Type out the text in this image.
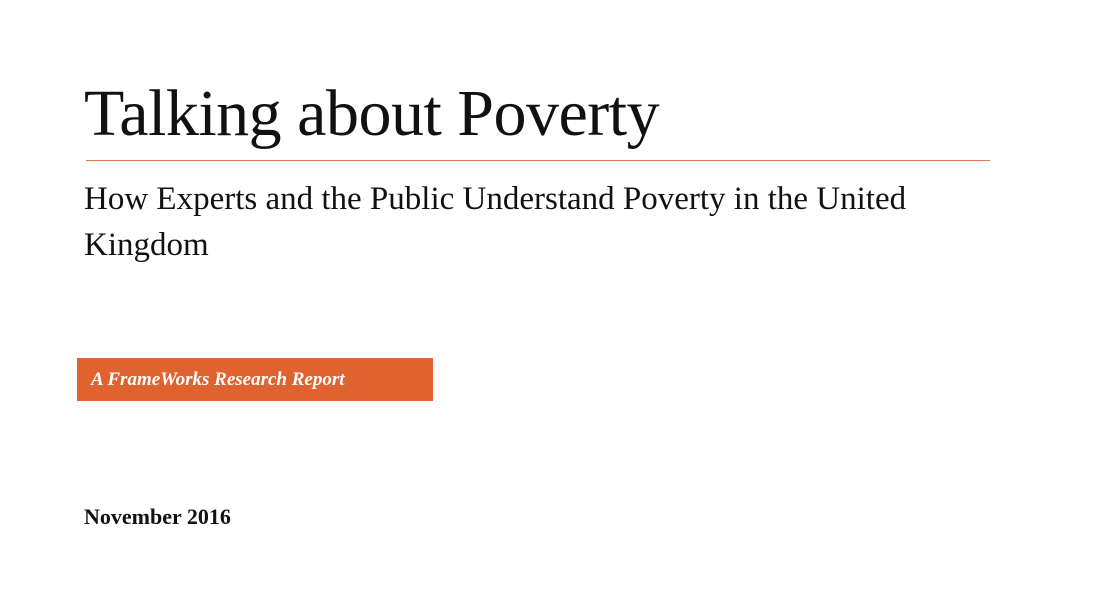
Talking about Poverty
How Experts and the Public Understand Poverty in the United Kingdom
A FrameWorks Research Report

November 2016
